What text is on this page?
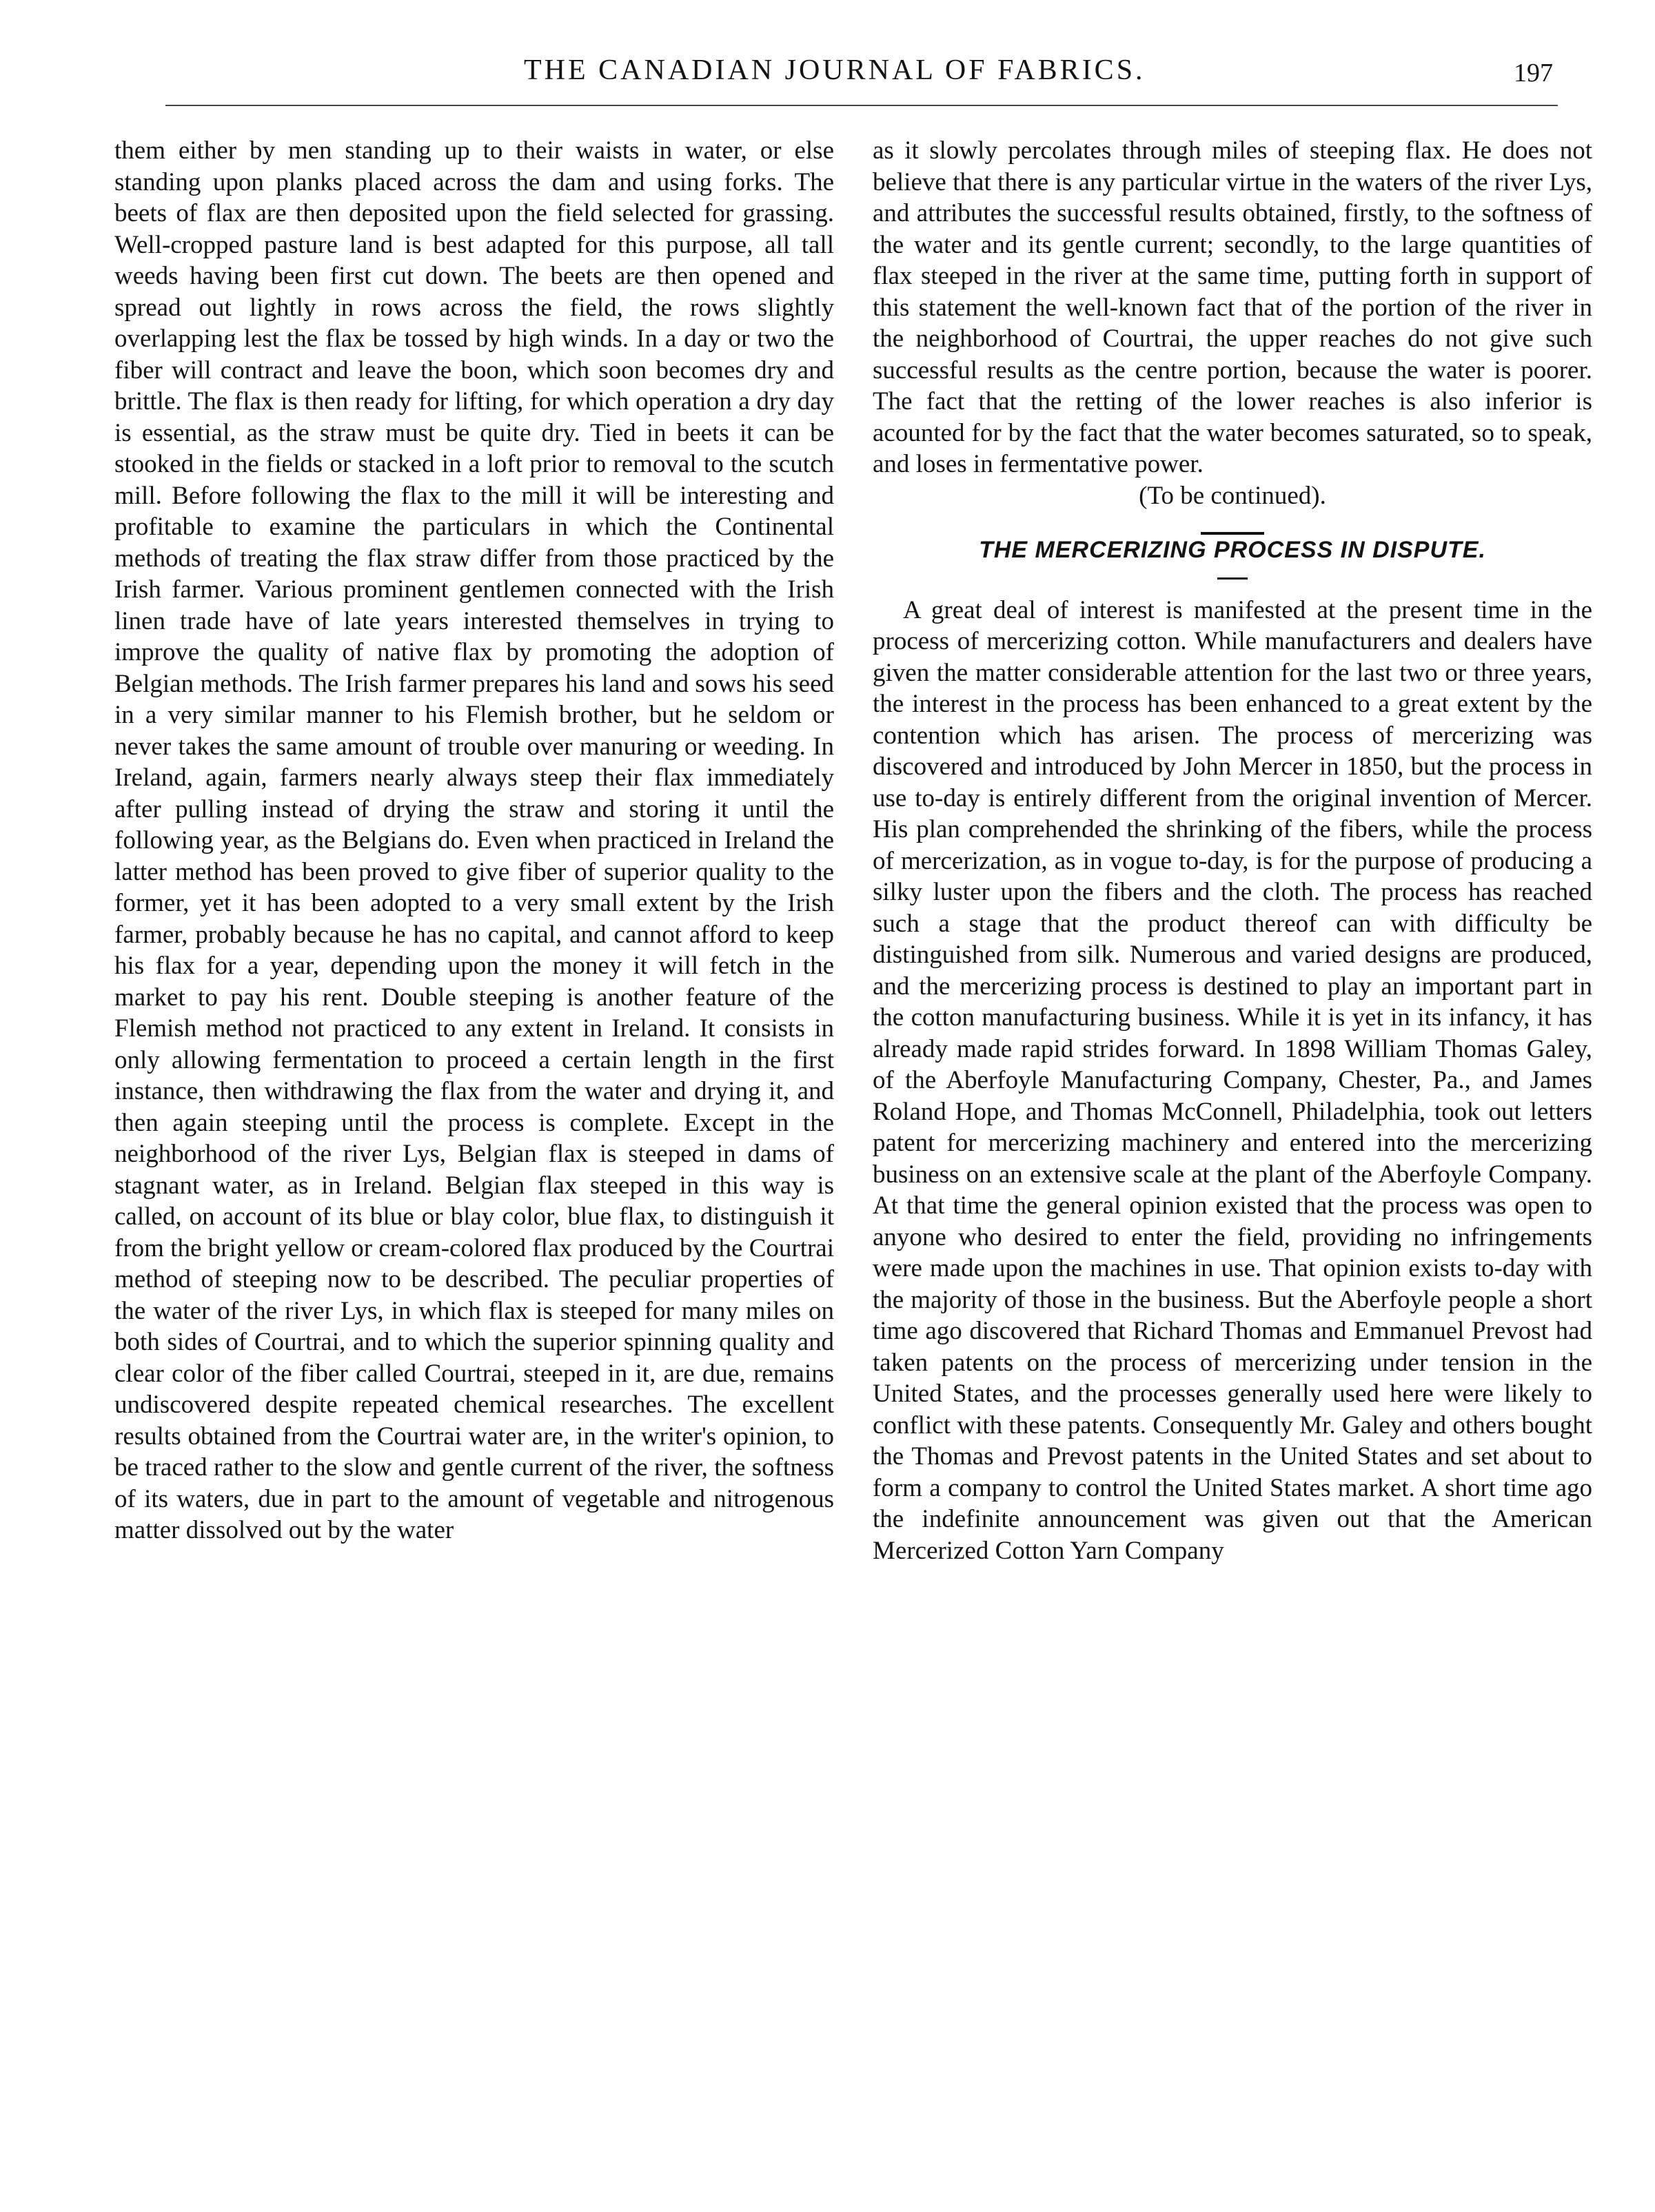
THE CANADIAN JOURNAL OF FABRICS.	197

them either by men standing up to their waists in water, or else standing upon planks placed across the dam and using forks. The beets of flax are then deposited upon the field selected for grassing. Well-cropped pasture land is best adapted for this purpose, all tall weeds having been first cut down. The beets are then opened and spread out lightly in rows across the field, the rows slightly overlapping lest the flax be tossed by high winds. In a day or two the fiber will contract and leave the boon, which soon becomes dry and brittle. The flax is then ready for lifting, for which operation a dry day is essential, as the straw must be quite dry. Tied in beets it can be stooked in the fields or stacked in a loft prior to removal to the scutch mill. Before following the flax to the mill it will be interesting and profitable to examine the particulars in which the Continental methods of treating the flax straw differ from those practiced by the Irish farmer. Various prominent gentlemen connected with the Irish linen trade have of late years interested themselves in trying to improve the quality of native flax by promoting the adoption of Belgian methods. The Irish farmer prepares his land and sows his seed in a very similar manner to his Flemish brother, but he seldom or never takes the same amount of trouble over manuring or weeding. In Ireland, again, farmers nearly always steep their flax immediately after pulling instead of drying the straw and storing it until the following year, as the Belgians do. Even when practiced in Ireland the latter method has been proved to give fiber of superior quality to the former, yet it has been adopted to a very small extent by the Irish farmer, probably because he has no capital, and cannot afford to keep his flax for a year, depending upon the money it will fetch in the market to pay his rent. Double steeping is another feature of the Flemish method not practiced to any extent in Ireland. It consists in only allowing fermentation to proceed a certain length in the first instance, then withdrawing the flax from the water and drying it, and then again steeping until the process is complete. Except in the neighborhood of the river Lys, Belgian flax is steeped in dams of stagnant water, as in Ireland. Belgian flax steeped in this way is called, on account of its blue or blay color, blue flax, to distinguish it from the bright yellow or cream-colored flax produced by the Courtrai method of steeping now to be described. The peculiar properties of the water of the river Lys, in which flax is steeped for many miles on both sides of Courtrai, and to which the superior spinning quality and clear color of the fiber called Courtrai, steeped in it, are due, remains undiscovered despite repeated chemical researches. The excellent results obtained from the Courtrai water are, in the writer's opinion, to be traced rather to the slow and gentle current of the river, the softness of its waters, due in part to the amount of vegetable and nitrogenous matter dissolved out by the water

as it slowly percolates through miles of steeping flax. He does not believe that there is any particular virtue in the waters of the river Lys, and attributes the successful results obtained, firstly, to the softness of the water and its gentle current; secondly, to the large quantities of flax steeped in the river at the same time, putting forth in support of this statement the well-known fact that of the portion of the river in the neighborhood of Courtrai, the upper reaches do not give such successful results as the centre portion, because the water is poorer. The fact that the retting of the lower reaches is also inferior is acounted for by the fact that the water becomes saturated, so to speak, and loses in fermentative power.

(To be continued).

THE MERCERIZING PROCESS IN DISPUTE.

A great deal of interest is manifested at the present time in the process of mercerizing cotton. While manufacturers and dealers have given the matter considerable attention for the last two or three years, the interest in the process has been enhanced to a great extent by the contention which has arisen. The process of mercerizing was discovered and introduced by John Mercer in 1850, but the process in use to-day is entirely different from the original invention of Mercer. His plan comprehended the shrinking of the fibers, while the process of mercerization, as in vogue to-day, is for the purpose of producing a silky luster upon the fibers and the cloth. The process has reached such a stage that the product thereof can with difficulty be distinguished from silk. Numerous and varied designs are produced, and the mercerizing process is destined to play an important part in the cotton manufacturing business. While it is yet in its infancy, it has already made rapid strides forward. In 1898 William Thomas Galey, of the Aberfoyle Manufacturing Company, Chester, Pa., and James Roland Hope, and Thomas McConnell, Philadelphia, took out letters patent for mercerizing machinery and entered into the mercerizing business on an extensive scale at the plant of the Aberfoyle Company. At that time the general opinion existed that the process was open to anyone who desired to enter the field, providing no infringements were made upon the machines in use. That opinion exists to-day with the majority of those in the business. But the Aberfoyle people a short time ago discovered that Richard Thomas and Emmanuel Prevost had taken patents on the process of mercerizing under tension in the United States, and the processes generally used here were likely to conflict with these patents. Consequently Mr. Galey and others bought the Thomas and Prevost patents in the United States and set about to form a company to control the United States market. A short time ago the indefinite announcement was given out that the American Mercerized Cotton Yarn Company
